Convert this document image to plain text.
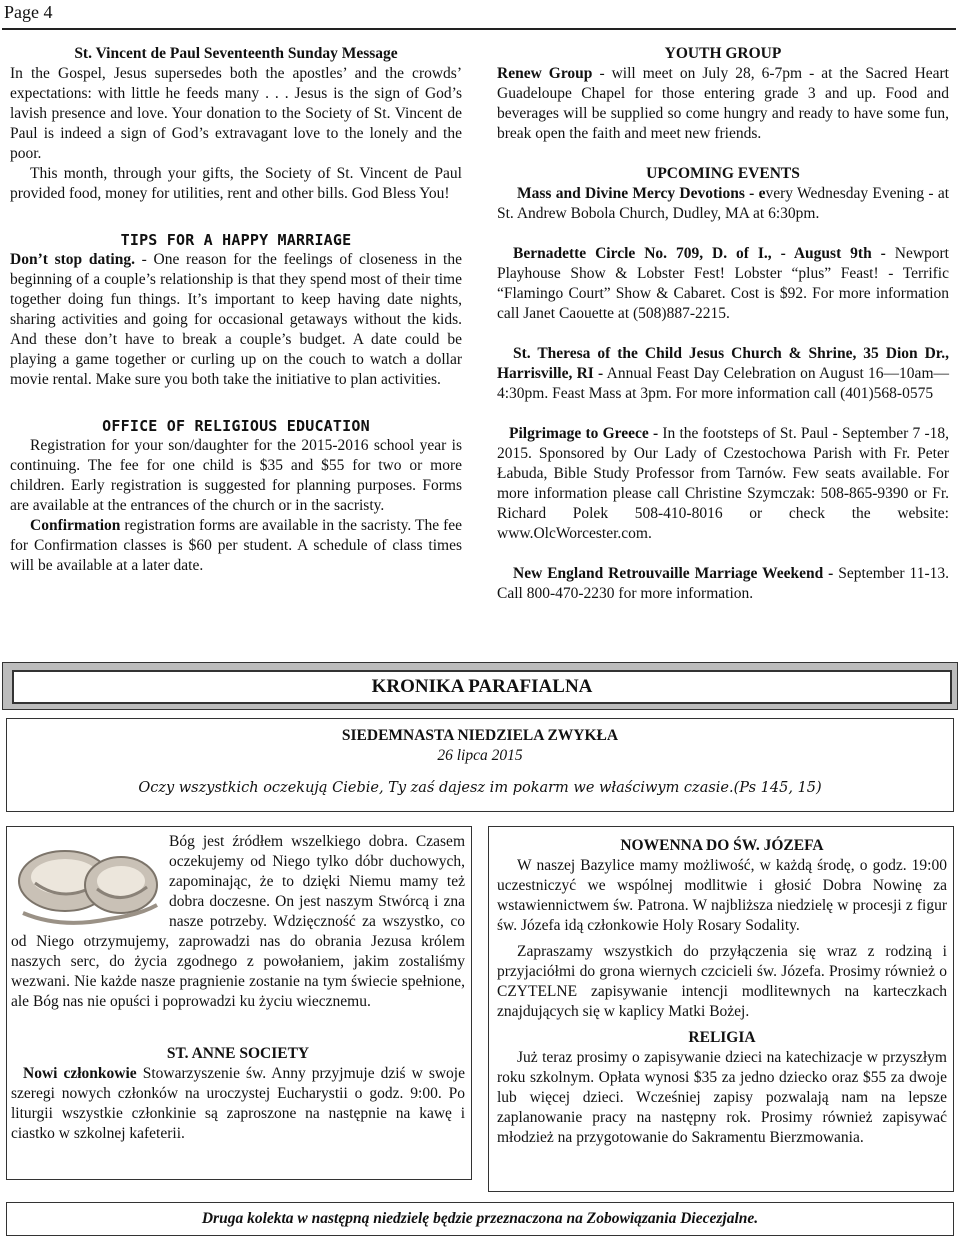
Page 4

St. Vincent de Paul Seventeenth Sunday Message

In the Gospel, Jesus supersedes both the apostles’ and the crowds’ expectations: with little he feeds many . . . Jesus is the sign of God’s lavish presence and love. Your donation to the Society of St. Vincent de Paul is indeed a sign of God’s extravagant love to the lonely and the poor.

This month, through your gifts, the Society of St. Vincent de Paul provided food, money for utilities, rent and other bills. God Bless You!

TIPS FOR A HAPPY MARRIAGE

Don’t stop dating. - One reason for the feelings of closeness in the beginning of a couple’s relationship is that they spend most of their time together doing fun things. It’s important to keep having date nights, sharing activities and going for occasional getaways without the kids. And these don’t have to break a couple’s budget. A date could be playing a game together or curling up on the couch to watch a dollar movie rental. Make sure you both take the initiative to plan activities.

OFFICE OF RELIGIOUS EDUCATION

Registration for your son/daughter for the 2015-2016 school year is continuing. The fee for one child is $35 and $55 for two or more children. Early registration is suggested for planning purposes. Forms are available at the entrances of the church or in the sacristy.

Confirmation registration forms are available in the sacristy. The fee for Confirmation classes is $60 per student. A schedule of class times will be available at a later date.

YOUTH GROUP

Renew Group - will meet on July 28, 6-7pm - at the Sacred Heart Guadeloupe Chapel for those entering grade 3 and up. Food and beverages will be supplied so come hungry and ready to have some fun, break open the faith and meet new friends.

UPCOMING EVENTS

Mass and Divine Mercy Devotions - every Wednesday Evening - at St. Andrew Bobola Church, Dudley, MA at 6:30pm.

Bernadette Circle No. 709, D. of I., - August 9th - Newport Playhouse Show & Lobster Fest! Lobster “plus” Feast! - Terrific “Flamingo Court” Show & Cabaret. Cost is $92. For more information call Janet Caouette at (508)887-2215.

St. Theresa of the Child Jesus Church & Shrine, 35 Dion Dr., Harrisville, RI - Annual Feast Day Celebration on August 16—10am—4:30pm. Feast Mass at 3pm. For more information call (401)568-0575

Pilgrimage to Greece - In the footsteps of St. Paul - September 7 -18, 2015. Sponsored by Our Lady of Czestochowa Parish with Fr. Peter Łabuda, Bible Study Professor from Tarnów. Few seats available. For more information please call Christine Szymczak: 508-865-9390 or Fr. Richard Polek 508-410-8016 or check the website: www.OlcWorcester.com.

New England Retrouvaille Marriage Weekend - September 11-13. Call 800-470-2230 for more information.

KRONIKA PARAFIALNA

SIEDEMNASTA NIEDZIELA ZWYKŁA

26 lipca 2015

Oczy wszystkich oczekują Ciebie, Ty zaś dajesz im pokarm we właściwym czasie.(Ps 145, 15)

Bóg jest źródłem wszelkiego dobra. Czasem oczekujemy od Niego tylko dóbr duchowych, zapominając, że to dzięki Niemu mamy też dobra doczesne. On jest naszym Stwórcą i zna nasze potrzeby. Wdzięczność za wszystko, co od Niego otrzymujemy, zaprowadzi nas do obrania Jezusa królem naszych serc, do życia zgodnego z powołaniem, jakim zostaliśmy wezwani. Nie każde nasze pragnienie zostanie na tym świecie spełnione, ale Bóg nas nie opuści i poprowadzi ku życiu wiecznemu.

ST. ANNE SOCIETY

Nowi członkowie Stowarzyszenie św. Anny przyjmuje dziś w swoje szeregi nowych członków na uroczystej Eucharystii o godz. 9:00. Po liturgii wszystkie członkinie są zaproszone na następnie na kawę i ciastko w szkolnej kafeterii.

NOWENNA DO ŚW. JÓZEFA

W naszej Bazylice mamy możliwość, w każdą środę, o godz. 19:00 uczestniczyć we wspólnej modlitwie i głosić Dobra Nowinę za wstawiennictwem św. Patrona. W najbliższa niedzielę w procesji z figur św. Józefa idą członkowie Holy Rosary Sodality.

Zapraszamy wszystkich do przyłączenia się wraz z rodziną i przyjaciółmi do grona wiernych czcicieli św. Józefa. Prosimy również o CZYTELNE zapisywanie intencji modlitewnych na karteczkach znajdujących się w kaplicy Matki Bożej.

RELIGIA

Już teraz prosimy o zapisywanie dzieci na katechizacje w przyszłym roku szkolnym. Opłata wynosi $35 za jedno dziecko oraz $55 za dwoje lub więcej dzieci. Wcześniej zapisy pozwalają nam na lepsze zaplanowanie pracy na następny rok. Prosimy również zapisywać młodzież na przygotowanie do Sakramentu Bierzmowania.

Druga kolekta w następną niedzielę będzie przeznaczona na Zobowiązania Diecezjalne.
